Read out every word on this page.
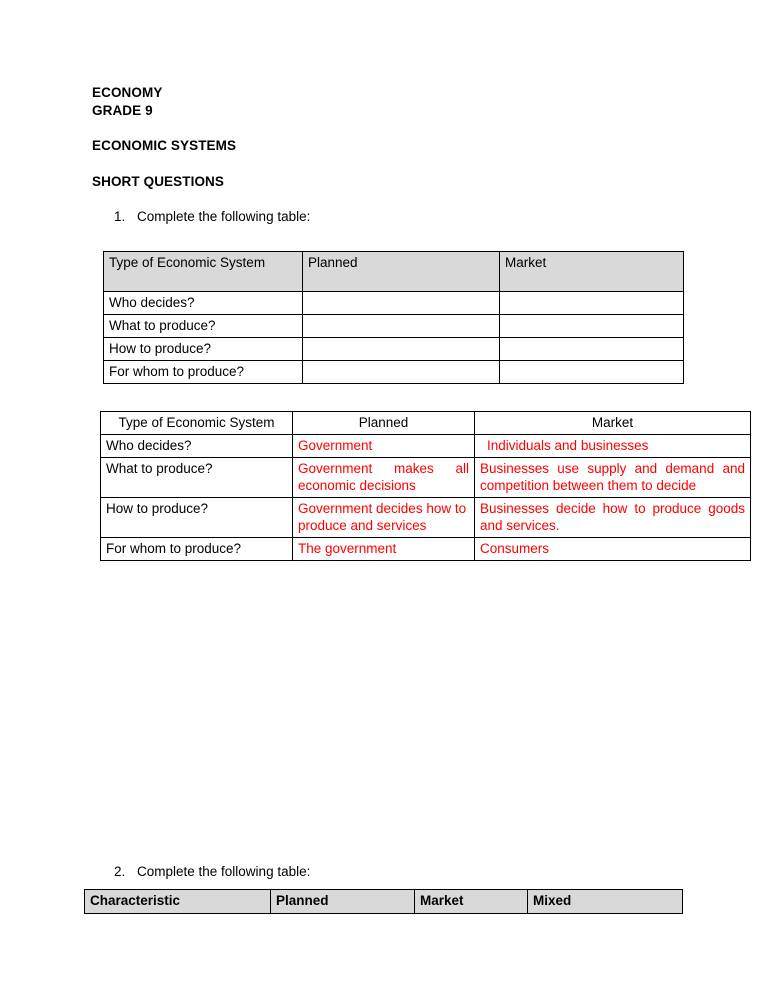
ECONOMY
GRADE 9
ECONOMIC SYSTEMS
SHORT QUESTIONS
1. Complete the following table:
Type of Economic System	Planned	Market
Who decides?		
What to produce?		
How to produce?		
For whom to produce?		
Type of Economic System	Planned	Market
Who decides?	Government	Individuals and businesses
What to produce?	Government makes all economic decisions	Businesses use supply and demand and competition between them to decide
How to produce?	Government decides how to produce and services	Businesses decide how to produce goods and services.
For whom to produce?	The government	Consumers
2. Complete the following table:
Characteristic	Planned	Market	Mixed
